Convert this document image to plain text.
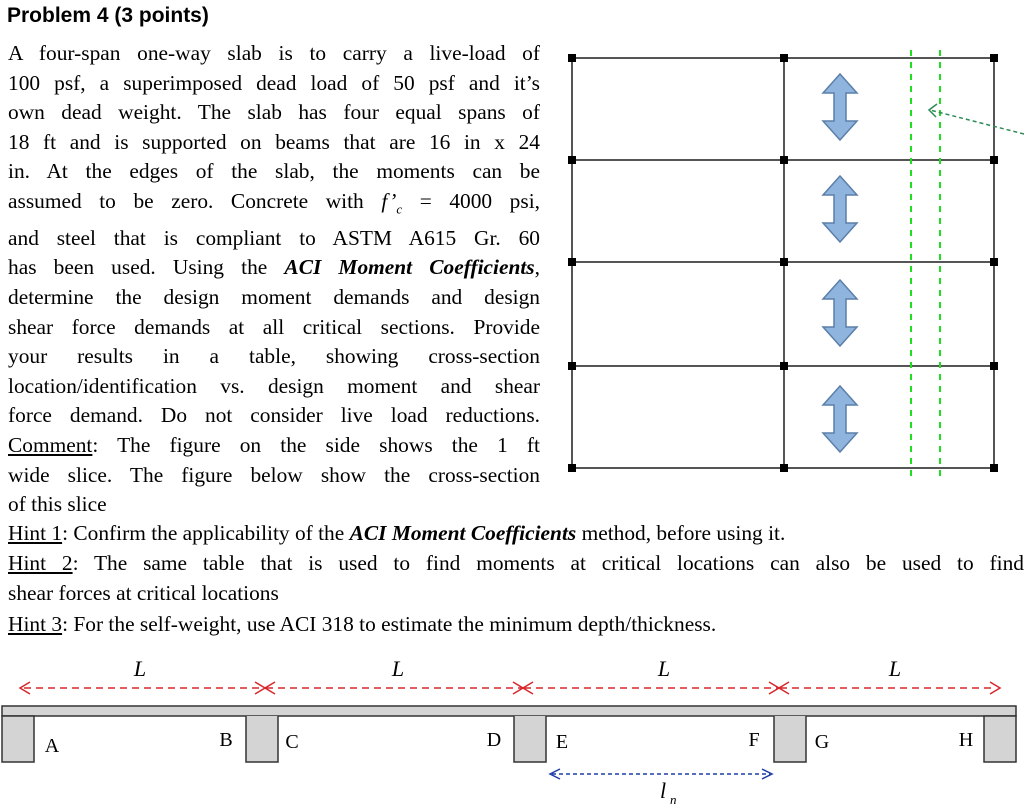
Problem 4 (3 points)
A four-span one-way slab is to carry a live-load of
100 psf, a superimposed dead load of 50 psf and it’s
own dead weight. The slab has four equal spans of
18 ft and is supported on beams that are 16 in x 24
in. At the edges of the slab, the moments can be
assumed to be zero. Concrete with $f’_c = 4000$ psi,
and steel that is compliant to ASTM A615 Gr. 60
has been used. Using the ACI Moment Coefficients,
determine the design moment demands and design
shear force demands at all critical sections. Provide
your results in a table, showing cross-section
location/identification vs. design moment and shear
force demand. Do not consider live load reductions.
Comment: The figure on the side shows the 1 ft
wide slice. The figure below show the cross-section
of this slice
Hint 1: Confirm the applicability of the ACI Moment Coefficients method, before using it.
Hint 2: The same table that is used to find moments at critical locations can also be used to find
shear forces at critical locations
Hint 3: For the self-weight, use ACI 318 to estimate the minimum depth/thickness.
L	L	L	L
A	B	C	D	E	F	G	H
l n
